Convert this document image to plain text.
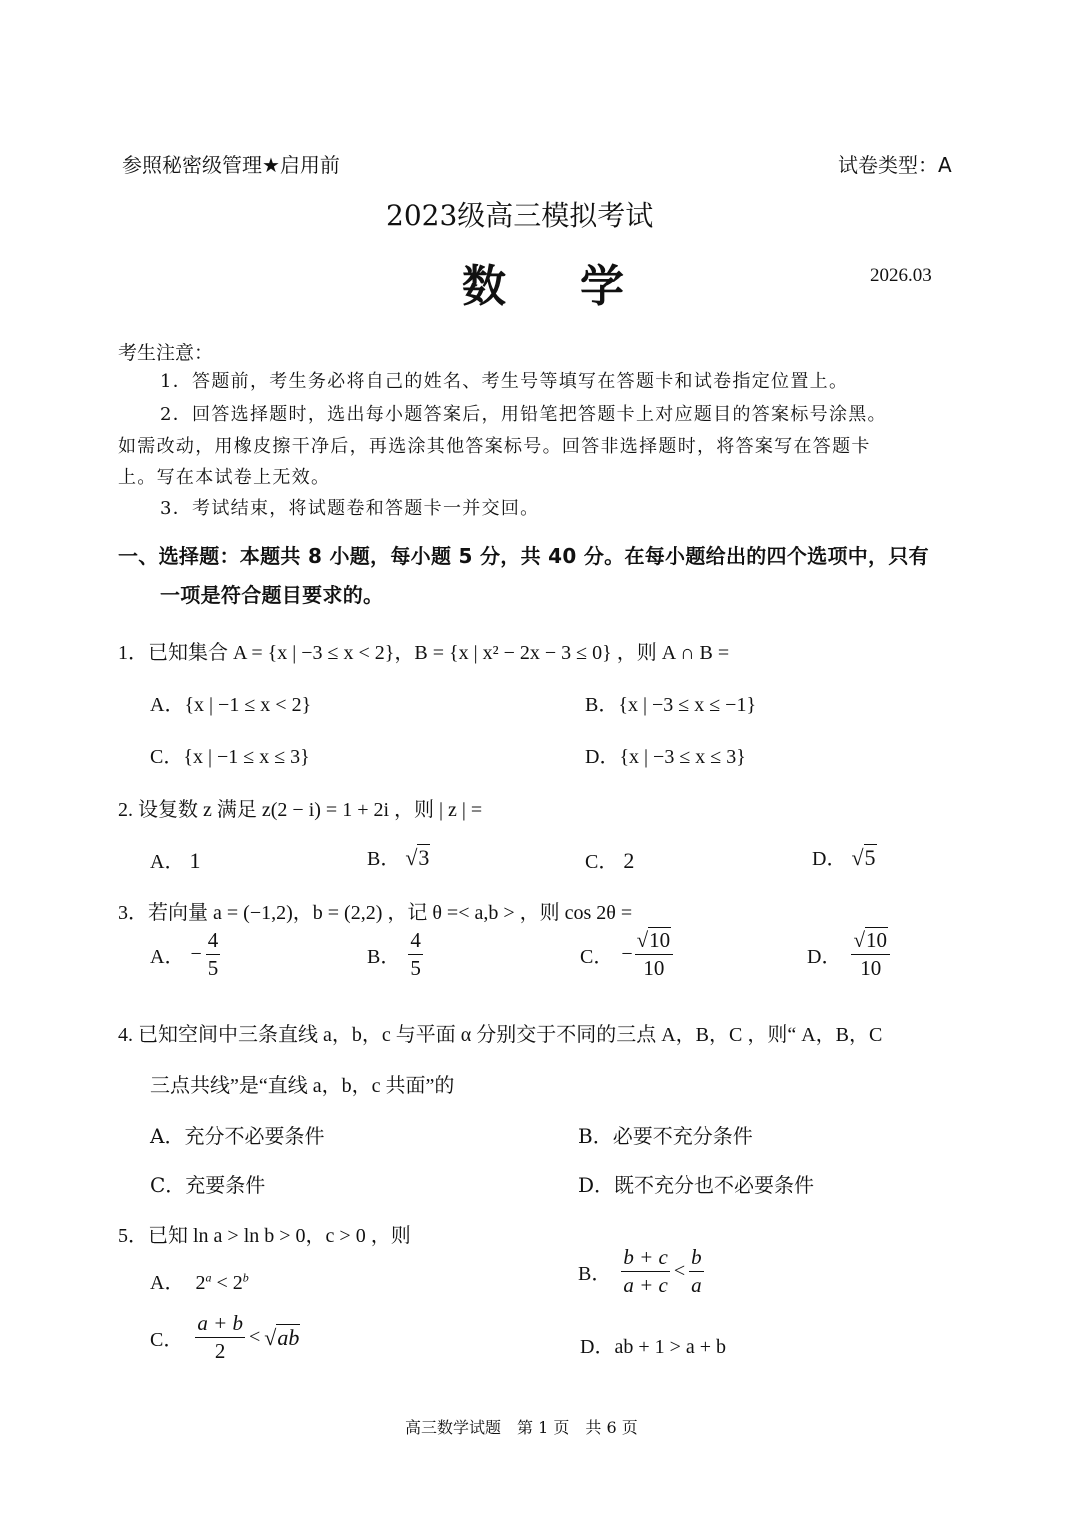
参照秘密级管理★启用前	试卷类型：A
2023级高三模拟考试
数学	2026.03
考生注意：
1．答题前，考生务必将自己的姓名、考生号等填写在答题卡和试卷指定位置上。
2．回答选择题时，选出每小题答案后，用铅笔把答题卡上对应题目的答案标号涂黑。
如需改动，用橡皮擦干净后，再选涂其他答案标号。回答非选择题时，将答案写在答题卡
上。写在本试卷上无效。
3．考试结束，将试题卷和答题卡一并交回。
一、选择题：本题共 8 小题，每小题 5 分，共 40 分。在每小题给出的四个选项中，只有
一项是符合题目要求的。
1．已知集合 A = {x | −3 ≤ x < 2}，B = {x | x² − 2x − 3 ≤ 0} ，则 A ∩ B =
A．{x | −1 ≤ x < 2}	B．{x | −3 ≤ x ≤ −1}
C．{x | −1 ≤ x ≤ 3}	D．{x | −3 ≤ x ≤ 3}
2. 设复数 z 满足 z(2 − i) = 1 + 2i ，则 | z | =
A． 1	B． √3	C． 2	D． √5
3．若向量 a = (−1,2)，b = (2,2) ，记 θ =< a,b > ，则 cos 2θ =
A． − $\frac{4}{5}$	B． $\frac{4}{5}$	C． − $\frac{√10}{10}$	D． $\frac{√10}{10}$
4. 已知空间中三条直线 a，b，c 与平面 α 分别交于不同的三点 A，B，C ，则“ A，B，C
三点共线”是“直线 a，b，c 共面”的
A．充分不必要条件	B．必要不充分条件
C．充要条件	D．既不充分也不必要条件
5．已知 ln a > ln b > 0，c > 0 ，则
A． $2^a < 2^b$	B． $\frac{b + c}{a + c} < \frac{b}{a}$
C． $\frac{a + b}{2}$ < √ ab	D．ab + 1 > a + b
高三数学试题　第 1 页　共 6 页
